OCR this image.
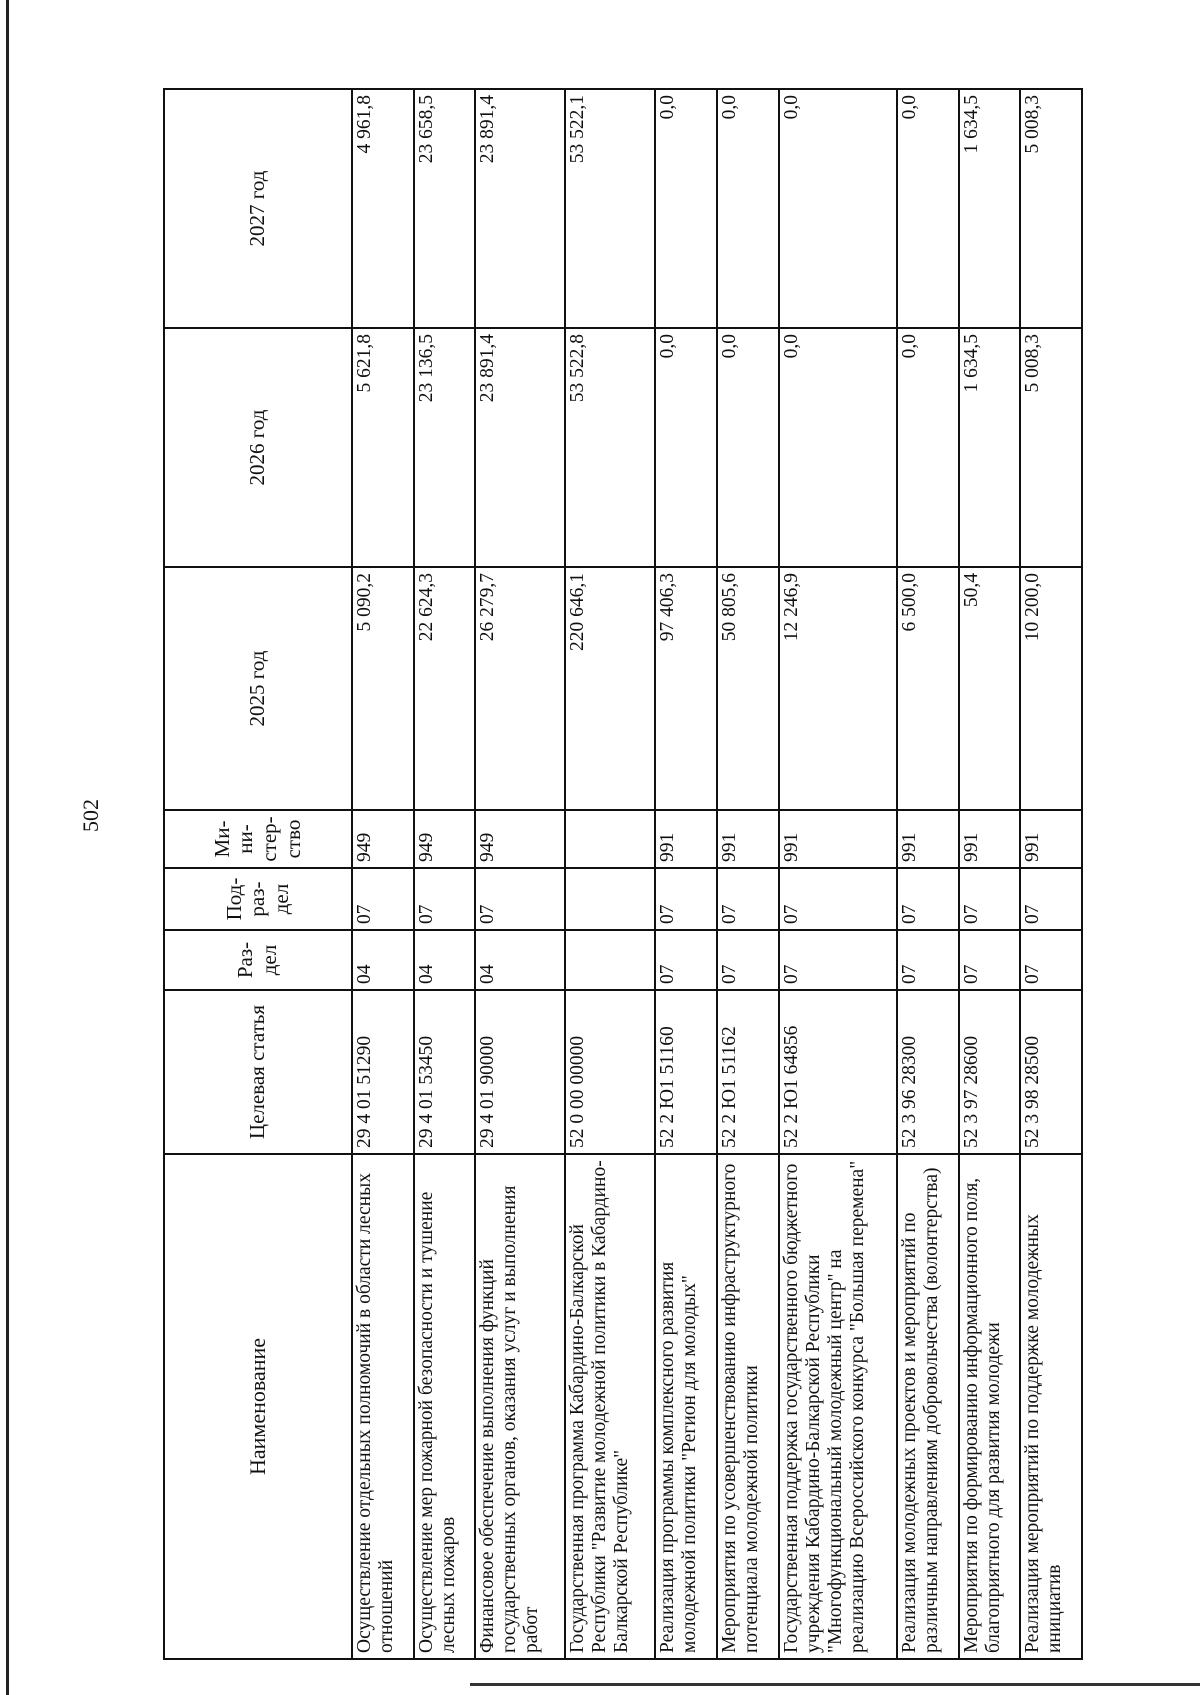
502
Наименование	Целевая статья	Раз-дел	Под-раз-дел	Ми-ни-стер-ство	2025 год	2026 год	2027 год
Осуществление отдельных полномочий в области лесных отношений	29 4 01 51290	04	07	949	5 090,2	5 621,8	4 961,8
Осуществление мер пожарной безопасности и тушение лесных пожаров	29 4 01 53450	04	07	949	22 624,3	23 136,5	23 658,5
Финансовое обеспечение выполнения функций государственных органов, оказания услуг и выполнения работ	29 4 01 90000	04	07	949	26 279,7	23 891,4	23 891,4
Государственная программа Кабардино-Балкарской Республики "Развитие молодежной политики в Кабардино-Балкарской Республике"	52 0 00 00000				220 646,1	53 522,8	53 522,1
Реализация программы комплексного развития молодежной политики "Регион для молодых"	52 2 Ю1 51160	07	07	991	97 406,3	0,0	0,0
Мероприятия по усовершенствованию инфраструктурного потенциала молодежной политики	52 2 Ю1 51162	07	07	991	50 805,6	0,0	0,0
Государственная поддержка государственного бюджетного учреждения Кабардино-Балкарской Республики "Многофункциональный молодежный центр" на реализацию Всероссийского конкурса "Большая перемена"	52 2 Ю1 64856	07	07	991	12 246,9	0,0	0,0
Реализация молодежных проектов и мероприятий по различным направлениям добровольчества (волонтерства)	52 3 96 28300	07	07	991	6 500,0	0,0	0,0
Мероприятия по формированию информационного поля, благоприятного для развития молодежи	52 3 97 28600	07	07	991	50,4	1 634,5	1 634,5
Реализация мероприятий по поддержке молодежных инициатив	52 3 98 28500	07	07	991	10 200,0	5 008,3	5 008,3
